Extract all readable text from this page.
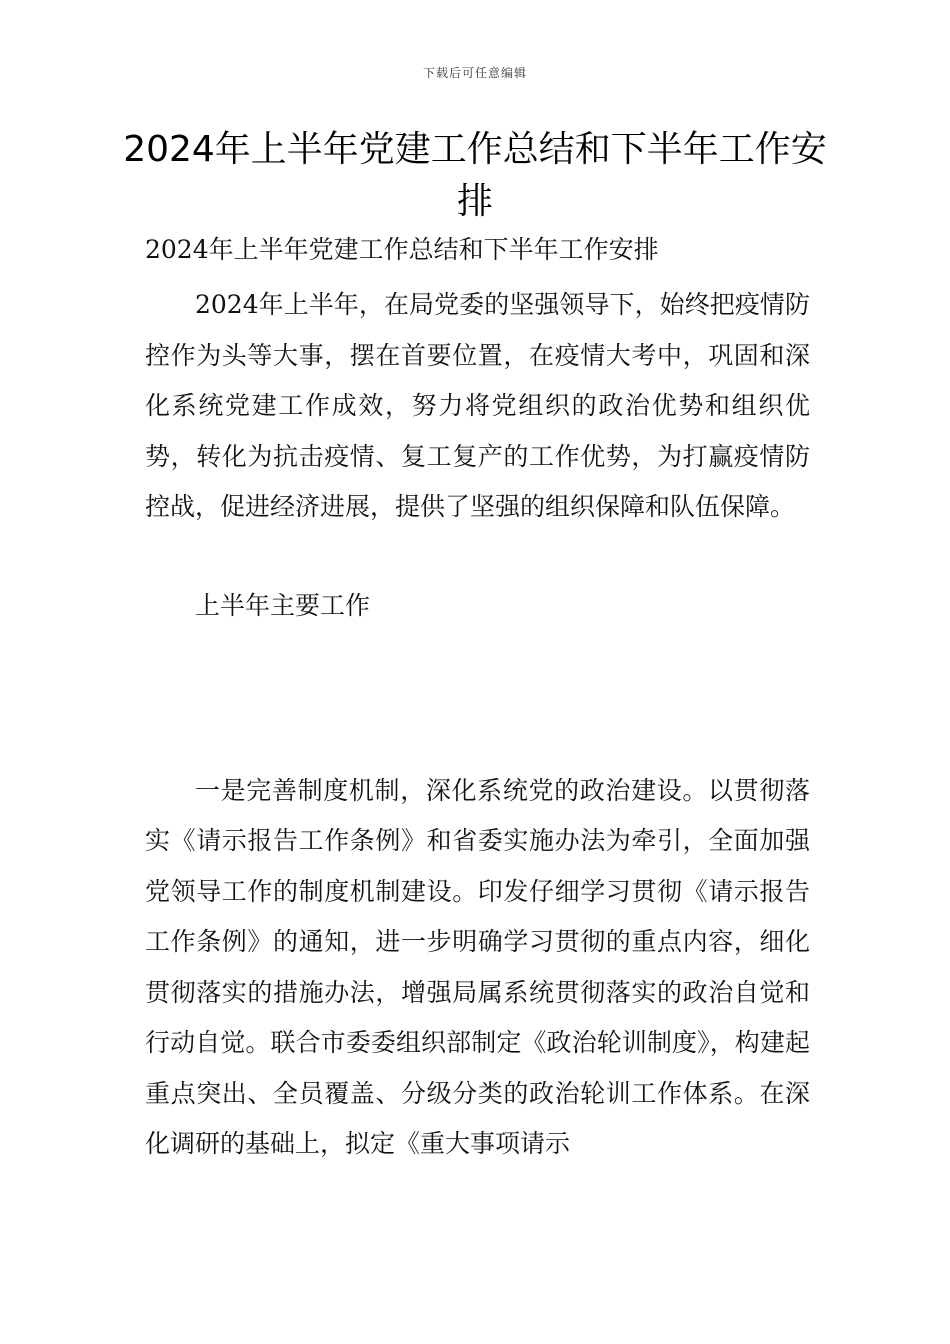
下载后可任意编辑
2024年上半年党建工作总结和下半年工作安排

2024年上半年党建工作总结和下半年工作安排

2024年上半年，在局党委的坚强领导下，始终把疫情防控作为头等大事，摆在首要位置，在疫情大考中，巩固和深化系统党建工作成效，努力将党组织的政治优势和组织优势，转化为抗击疫情、复工复产的工作优势，为打赢疫情防控战，促进经济进展，提供了坚强的组织保障和队伍保障。

上半年主要工作

一是完善制度机制，深化系统党的政治建设。以贯彻落实《请示报告工作条例》和省委实施办法为牵引，全面加强党领导工作的制度机制建设。印发仔细学习贯彻《请示报告工作条例》的通知，进一步明确学习贯彻的重点内容，细化贯彻落实的措施办法，增强局属系统贯彻落实的政治自觉和行动自觉。联合市委委组织部制定《政治轮训制度》，构建起重点突出、全员覆盖、分级分类的政治轮训工作体系。在深化调研的基础上，拟定《重大事项请示
